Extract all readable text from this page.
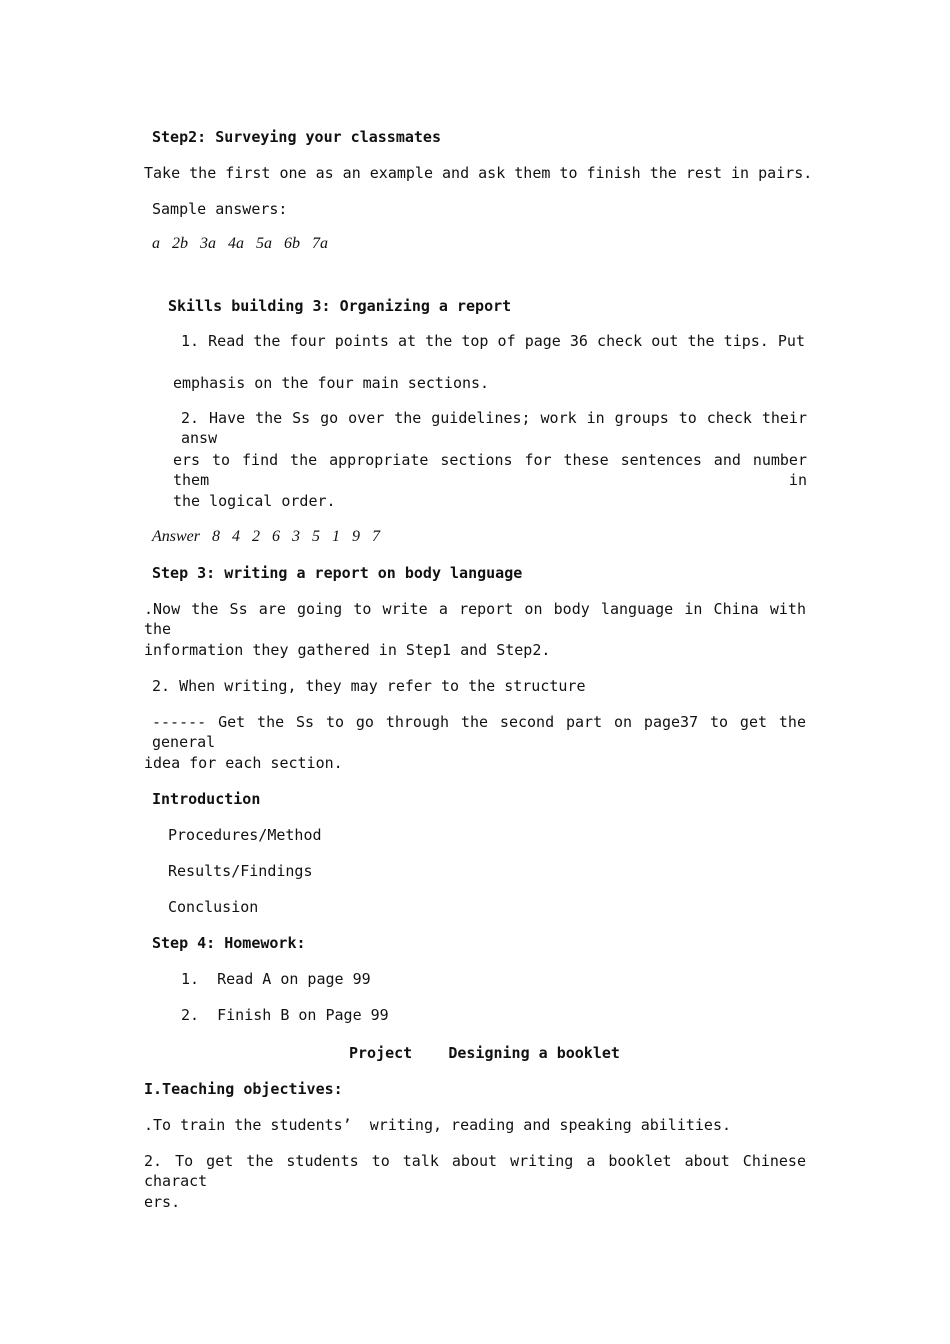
Step2: Surveying your classmates
Take the first one as an example and ask them to finish the rest in pairs.
Sample answers:
a   2b   3a   4a   5a   6b   7a
Skills building 3: Organizing a report
1. Read the four points at the top of page 36 check out the tips. Put
emphasis on the four main sections.
2. Have the Ss go over the guidelines; work in groups to check their answ
ers to find the appropriate sections for these sentences and number them in
the logical order.
Answer   8   4   2   6   3   5   1   9   7
Step 3: writing a report on body language
.Now the Ss are going to write a report on body language in China with the
information they gathered in Step1 and Step2.
2. When writing, they may refer to the structure
------ Get the Ss to go through the second part on page37 to get the general
idea for each section.
Introduction
Procedures/Method
Results/Findings
Conclusion
Step 4: Homework:
1.  Read A on page 99
2.  Finish B on Page 99
Project    Designing a booklet
I.Teaching objectives:
.To train the students’  writing, reading and speaking abilities.
2. To get the students to talk about writing a booklet about Chinese charact
ers.
